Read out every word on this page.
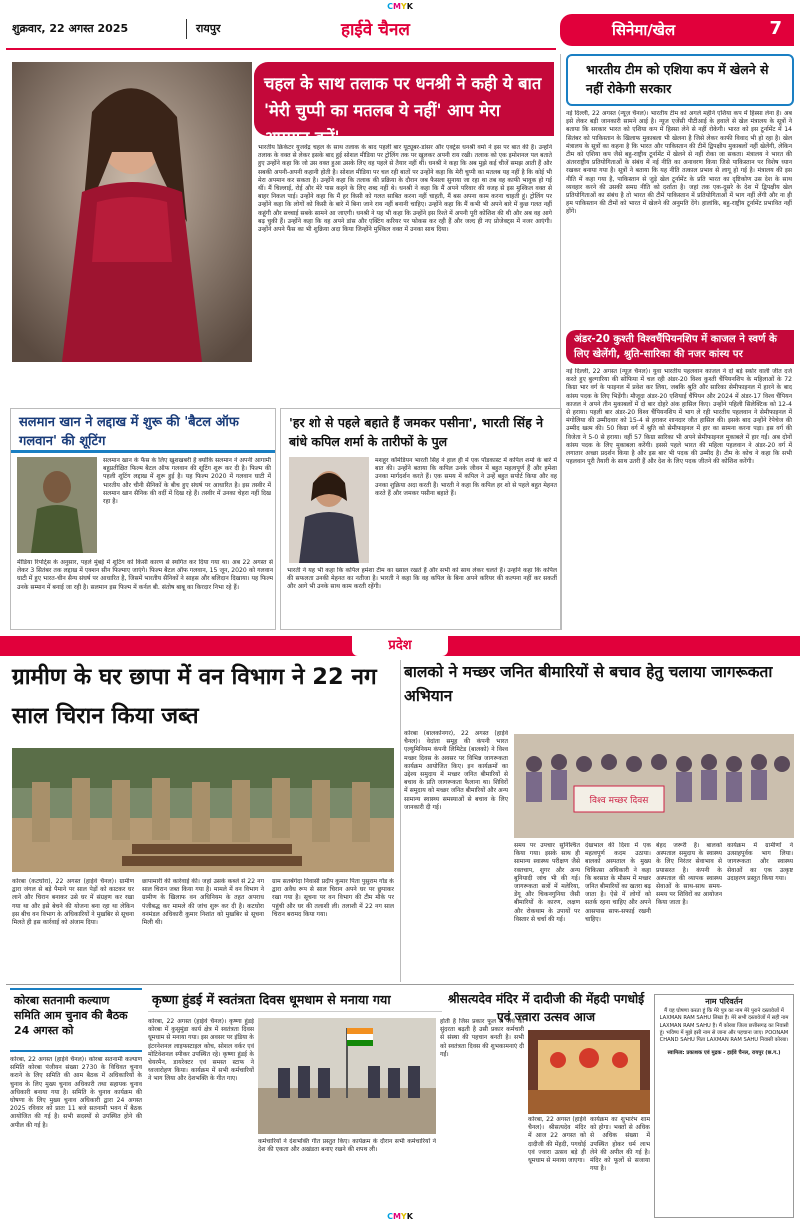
CMYK
शुक्रवार, 22 अगस्त 2025	रायपुर	हाईवे चैनल	सिनेमा/खेल	7
चहल के साथ तलाक पर धनश्री ने कही ये बात
'मेरी चुप्पी का मतलब ये नहीं' आप मेरा अपमान करें'
भारतीय क्रिकेटर युजवेंद्र चहल के साथ तलाक के बाद पहली बार यूट्यूबर-डांसर और एक्ट्रेस धनश्री वर्मा ने इस पर बात की है। उन्होंने तलाक के वक्त से लेकर इसके बाद हुई सोशल मीडिया पर ट्रोलिंग तक पर खुलकर अपनी राय रखी। तलाक को एक इमोशनल पल बताते हुए उन्होंने कहा कि जो उस वक्त हुआ उसके लिए वह पहले से तैयार नहीं थीं। धनश्री ने कहा कि अब मुझे कई चीजें समझ आती हैं और सबकी अपनी-अपनी कहानी होती है। सोशल मीडिया पर चल रही बातों पर उन्होंने कहा कि मेरी चुप्पी का मतलब यह नहीं है कि कोई भी मेरा अपमान कर सकता है। उन्होंने कहा कि तलाक की प्रक्रिया के दौरान जब फैसला सुनाया जा रहा था तब वह काफी भावुक हो गई थीं। मैं चिल्लाई, रोई और मेरे पास कहने के लिए शब्द नहीं थे। धनश्री ने कहा कि मैं अपने परिवार की वजह से इस मुश्किल वक्त से बाहर निकल पाई। उन्होंने कहा कि मैं हर किसी को गलत साबित करना नहीं चाहती, मैं बस अपना काम करना चाहती हूं। ट्रोलिंग पर उन्होंने कहा कि लोगों को किसी के बारे में बिना जाने राय नहीं बनानी चाहिए। उन्होंने कहा कि मैं कभी भी अपने बारे में कुछ गलत नहीं कहूंगी और सच्चाई सबके सामने आ जाएगी। धनश्री ने यह भी कहा कि उन्होंने इस रिश्ते में अपनी पूरी कोशिश की थी और अब वह आगे बढ़ चुकी हैं। उन्होंने कहा कि वह अपने डांस और एक्टिंग करियर पर फोकस कर रही हैं और जल्द ही नए प्रोजेक्ट्स में नजर आएंगी। उन्होंने अपने फैंस का भी शुक्रिया अदा किया जिन्होंने मुश्किल वक्त में उनका साथ दिया।
भारतीय टीम को एशिया कप में खेलने से नहीं रोकेगी सरकार
नई दिल्ली, 22 अगस्त (न्यूज़ चैनल)। भारतीय टीम को अगले महीने एशिया कप में हिस्सा लेना है। अब इसे लेकर बड़ी जानकारी सामने आई है। न्यूज एजेंसी पीटीआई के हवाले से खेल मंत्रालय के सूत्रों ने बताया कि सरकार भारत को एशिया कप में हिस्सा लेने से नहीं रोकेगी। भारत को इस टूर्नामेंट में 14 सितंबर को पाकिस्तान के खिलाफ मुकाबला भी खेलना है जिसे लेकर काफी विवाद भी हो रहा है। खेल मंत्रालय के सूत्रों का कहना है कि भारत और पाकिस्तान की टीमें द्विपक्षीय मुकाबलों नहीं खेलेंगी, लेकिन टीम को एशिया कप जैसे बहु-राष्ट्रीय टूर्नामेंट में खेलने से नहीं रोका जा सकता। मंत्रालय ने भारत की अंतरराष्ट्रीय प्रतियोगिताओं के संबंध में नई नीति का अनावरण किया जिसे पाकिस्तान पर विशेष ध्यान रखकर बनाया गया है। सूत्रों ने बताया कि यह नीति तत्काल प्रभाव से लागू हो गई है। मंत्रालय की इस नीति में कहा गया है, पाकिस्तान से जुड़े खेल टूर्नामेंट के प्रति भारत का दृष्टिकोण उस देश के साथ व्यवहार करने की उसकी समग्र नीति को दर्शाता है। जहां तक एक-दूसरे के देश में द्विपक्षीय खेल प्रतियोगिताओं का संबंध है तो भारत की टीमें पाकिस्तान में प्रतियोगिताओं में भाग नहीं लेंगी और ना ही हम पाकिस्तान की टीमों को भारत में खेलने की अनुमति देंगे। हालांकि, बहु-राष्ट्रीय टूर्नामेंट प्रभावित नहीं होंगे।
अंडर-20 कुश्ती विश्वचैंपियनशिप में काजल ने स्वर्ण के लिए खेलेंगी, श्रुति-सारिका की नजर कांस्य पर
नई दिल्ली, 22 अगस्त (न्यूज़ चैनल)। युवा भारतीय पहलवान काजल ने दो बड़े स्कोर वाली जीत दर्ज करते हुए बुल्गारिया की सोफिया में चल रही अंडर-20 विश्व कुश्ती चैंपियनशिप के महिलाओं के 72 किग्रा भार वर्ग के फाइनल में प्रवेश कर लिया, जबकि श्रुति और सारिका सेमीफाइनल में हारने के बाद कांस्य पदक के लिए भिड़ेंगी। मौजूदा अंडर-20 एशियाई चैंपियन और 2024 में अंडर-17 विश्व चैंपियन काजल ने अपने तीन मुकाबलों में दो बार दोहरे अंक हासिल किए। उन्होंने पहिली सिलेक्टिक को 12-4 से हराया। पहली बार अंडर-20 विश्व चैंपियनशिप में भाग ले रही भारतीय पहलवान ने सेमीफाइनल में मंगोलिया की उम्मीदवार को 15-4 से हराकर शानदार जीत हासिल की। इसके बाद उन्होंने रेपेचेज की उम्मीद खत्म की। 50 किग्रा वर्ग में श्रुति को सेमीफाइनल में हार का सामना करना पड़ा। इस वर्ग की विजेता ने 5-0 से हराया। वहीं 57 किग्रा सारिका भी अपने सेमीफाइनल मुकाबले में हार गईं। अब दोनों कांस्य पदक के लिए मुकाबला करेंगी। इससे पहले भारत की महिला पहलवान ने अंडर-20 वर्ग में लगातार अच्छा प्रदर्शन किया है और इस बार भी पदक की उम्मीद है। टीम के कोच ने कहा कि सभी पहलवान पूरी तैयारी के साथ उतरी हैं और देश के लिए पदक जीतने की कोशिश करेंगी।
सलमान खान ने लद्दाख में शुरू की 'बैटल ऑफ गलवान' की शूटिंग
सलमान खान के फैंस के लिए खुशखबरी है क्योंकि सलमान ने अपनी आगामी बहुप्रतीक्षित फिल्म बैटल ऑफ गलवान की शूटिंग शुरू कर दी है। फिल्म की पहली शूटिंग लद्दाख में शुरू हुई है। यह फिल्म 2020 में गलवान घाटी में भारतीय और चीनी सैनिकों के बीच हुए संघर्ष पर आधारित है। इस तस्वीर में सलमान खान सैनिक की वर्दी में दिख रहे हैं। तस्वीर में उनका चेहरा नहीं दिख रहा है।
मीडिया रिपोर्ट्स के अनुसार, पहले मुंबई में शूटिंग को किसी कारण से स्थगित कर दिया गया था। अब 22 अगस्त से लेकर 3 सितंबर तक लद्दाख में एक्शन सीन फिल्माए जाएंगे। फिल्म बैटल ऑफ गलवान, 15 जून, 2020 को गलवान घाटी में हुए भारत-चीन सैन्य संघर्ष पर आधारित है, जिसमें भारतीय सैनिकों ने साहस और बलिदान दिखाया। यह फिल्म उनके सम्मान में बनाई जा रही है। सलमान इस फिल्म में कर्नल बी. संतोष बाबू का किरदार निभा रहे हैं।
'हर शो से पहले बहाते हैं जमकर पसीना', भारती सिंह ने बांधे कपिल शर्मा के तारीफों के पुल
मशहूर कॉमेडियन भारती सिंह ने हाल ही में एक पॉडकास्ट में कपिल शर्मा के बारे में बात की। उन्होंने बताया कि कपिल उनके जीवन में बहुत महत्वपूर्ण हैं और हमेशा उनका मार्गदर्शन करते हैं। एक समय में कपिल ने उन्हें बहुत सपोर्ट किया और वह उनका शुक्रिया अदा करती हैं। भारती ने कहा कि कपिल हर शो से पहले बहुत मेहनत करते हैं और जमकर पसीना बहाते हैं।
भारती ने यह भी कहा कि कपिल हमेशा टीम का ख्याल रखते हैं और सभी को साथ लेकर चलते हैं। उन्होंने कहा कि कपिल की सफलता उनकी मेहनत का नतीजा है। भारती ने कहा कि वह कपिल के बिना अपने करियर की कल्पना नहीं कर सकतीं और आगे भी उनके साथ काम करती रहेंगी।
प्रदेश
ग्रामीण के घर छापा में वन विभाग ने 22 नग साल चिरान किया जब्त
कोरबा (कटघोरा), 22 अगस्त (हाईवे चैनल)। ग्रामीण द्वारा जंगल से बड़े पैमाने पर साल पेड़ों को काटकर घर लाने और चिरान बनाकर उसे घर में संग्रहण कर रखा गया था और इसे बेचने की योजना बना रहा था लेकिन इस बीच वन विभाग के अधिकारियों ने मुखबिर से सूचना मिलते ही इस कार्रवाई को अंजाम दिया।
छापामारी की कार्रवाई की। जहां उसके कब्जे से 22 नग साल चिरान जब्त किया गया है। मामले में वन विभाग ने ग्रामीण के खिलाफ वन अधिनियम के तहत अपराध पंजीबद्ध कर मामले की जांच शुरू कर दी है। कटघोरा वनमंडल अधिकारी कुमार निशांत को मुखबिर से सूचना मिली थी।
ग्राम सतबेंगेदा निवासी प्रदीप कुमार पिता पुसुराम गोंड के द्वारा अवैध रूप से साल चिरान अपने घर पर छुपाकर रखा गया है। सूचना पर वन विभाग की टीम मौके पर पहुंची और घर की तलाशी ली। तलाशी में 22 नग साल चिरान बरामद किया गया।
बालको ने मच्छर जनित बीमारियों से बचाव हेतु चलाया जागरूकता अभियान
कोरबा (बालकोनगर), 22 अगस्त (हाईवे चैनल)। वेदांता समूह की कंपनी भारत एल्युमिनियम कंपनी लिमिटेड (बालको) ने विश्व मच्छर दिवस के अवसर पर विभिन्न जागरूकता कार्यक्रम आयोजित किए। इन कार्यक्रमों का उद्देश्य समुदाय में मच्छर जनित बीमारियों से बचाव के प्रति जागरूकता फैलाना था। शिविरों में समुदाय को मच्छर जनित बीमारियों और अन्य सामान्य स्वास्थ्य समस्याओं से बचाव के लिए जानकारी दी गई।
विश्व मच्छर दिवस
समय पर उपचार सुनिश्चित किया गया। इसके साथ ही सामान्य स्वास्थ्य परीक्षण जैसे रक्तचाप, शुगर और अन्य बुनियादी जांच भी की गई। जागरूकता सत्रों में मलेरिया, डेंगू और चिकनगुनिया जैसी बीमारियों के कारण, लक्षण और रोकथाम के उपायों पर विस्तार से चर्चा की गई।
देखभाल की दिशा में एक महत्वपूर्ण कदम उठाया। बालको अस्पताल के मुख्य चिकित्सा अधिकारी ने कहा कि बरसात के मौसम में मच्छर जनित बीमारियों का खतरा बढ़ जाता है। ऐसे में लोगों को सतर्क रहना चाहिए और अपने आसपास साफ-सफाई रखनी चाहिए।
बेहद जरूरी है। बालको अस्पताल समुदाय के स्वास्थ्य के लिए निरंतर सेवाभाव से प्रयासरत है। कंपनी के अस्पताल की व्यापक स्वास्थ्य सेवाओं के साथ-साथ समय-समय पर शिविरों का आयोजन किया जाता है।
कार्यक्रम में ग्रामीणों ने उत्साहपूर्वक भाग लिया। जागरूकता और स्वास्थ्य सेवाओं का एक उत्कृष्ट उदाहरण प्रस्तुत किया गया।
कोरबा सतनामी कल्याण समिति आम चुनाव की बैठक 24 अगस्त को
कोरबा, 22 अगस्त (हाईवे चैनल)। कोरबा सतनामी कल्याण समिति कोरबा पंजीयन संख्या 2730 के विधिवत चुनाव कराने के लिए समिति की आम बैठक में अधिकारियों के चुनाव के लिए मुख्य चुनाव अधिकारी तथा सहायक चुनाव अधिकारी बनाया गया है। समिति के चुनाव कार्यक्रम की घोषणा के लिए मुख्य चुनाव अधिकारी द्वारा 24 अगस्त 2025 रविवार को प्रातः 11 बजे सतनामी भवन में बैठक आयोजित की गई है। सभी सदस्यों से उपस्थित होने की अपील की गई है।
कृष्णा हुंडई में स्वतंत्रता दिवस धूमधाम से मनाया गया
कोरबा, 22 अगस्त (हाईवे चैनल)। कृष्णा हुंडई कोरबा में कुसुमुंडा कार्य क्षेत्र में स्वतंत्रता दिवस धूमधाम से मनाया गया। इस अवसर पर इंडिया के इंटरनेशनल लाइफस्टाइल कोच, सोशल वर्कर एवं मोटिवेशनल स्पीकर उपस्थित रहे। कृष्णा हुंडई के चेयरमैन, डायरेक्टर एवं समस्त स्टाफ ने ध्वजारोहण किया। कार्यक्रम में सभी कर्मचारियों ने भाग लिया और देशभक्ति के गीत गाए।
कर्मचारियों ने देशभक्ति गीत प्रस्तुत किए। कार्यक्रम के दौरान सभी कर्मचारियों ने देश की एकता और अखंडता बनाए रखने की शपथ ली।
होती है जिस प्रकार फूल से पौधे की सुंदरता बढ़ती है उसी प्रकार कर्मचारी से संस्था की पहचान बनती है। सभी को स्वतंत्रता दिवस की शुभकामनाएं दी गईं।
श्रीसत्यदेव मंदिर में दादीजी की मेंहदी पगधोई एवं ज्वारा उत्सव आज
कोरबा, 22 अगस्त (हाईवे चैनल)। श्रीसत्यदेव मंदिर में आज 22 अगस्त को दादीजी की मेंहदी, पगधोई एवं ज्वारा उत्सव बड़े ही धूमधाम से मनाया जाएगा।
कार्यक्रम का शुभारंभ शाम को होगा। भक्तों से अधिक से अधिक संख्या में उपस्थित होकर धर्म लाभ लेने की अपील की गई है। मंदिर को फूलों से सजाया गया है।
नाम परिवर्तन
मैं यह घोषणा करता हूं कि मेरे पुत्र का नाम मेरे पुराने दस्तावेजों में LAXMAN RAM SAHU लिखा है। मेरे सभी दस्तावेजों में सही नाम LAXMAN RAM SAHU है। मैं कोरबा जिला छत्तीसगढ़ का निवासी हूं। भविष्य में मुझे इसी नाम से जाना और पहचाना जाए। POONAM CHAND SAHU पिता LAXMAN RAM SAHU निवासी कोरबा।
स्वामित्व: प्रकाशक एवं मुद्रक - हाईवे चैनल, रायपुर (छ.ग.)
CMYK
